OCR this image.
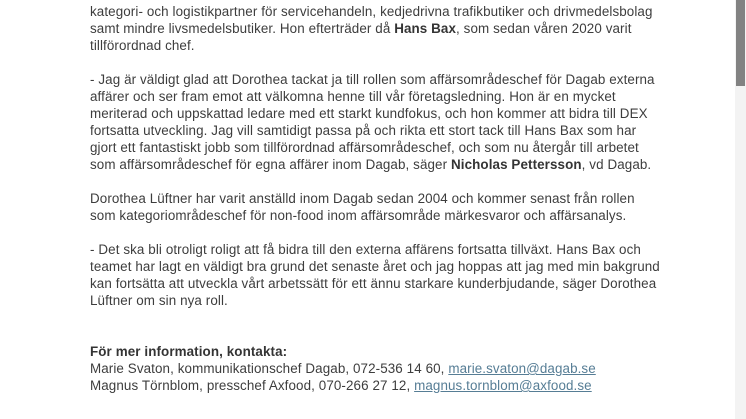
kategori- och logistikpartner för servicehandeln, kedjedrivna trafikbutiker och drivmedelsbolag samt mindre livsmedelsbutiker. Hon efterträder då Hans Bax, som sedan våren 2020 varit tillförordnad chef.

- Jag är väldigt glad att Dorothea tackat ja till rollen som affärsområdeschef för Dagab externa affärer och ser fram emot att välkomna henne till vår företagsledning. Hon är en mycket meriterad och uppskattad ledare med ett starkt kundfokus, och hon kommer att bidra till DEX fortsatta utveckling. Jag vill samtidigt passa på och rikta ett stort tack till Hans Bax som har gjort ett fantastiskt jobb som tillförordnad affärsområdeschef, och som nu återgår till arbetet som affärsområdeschef för egna affärer inom Dagab, säger Nicholas Pettersson, vd Dagab.

Dorothea Lüftner har varit anställd inom Dagab sedan 2004 och kommer senast från rollen som kategoriområdeschef för non-food inom affärsområde märkesvaror och affärsanalys.

- Det ska bli otroligt roligt att få bidra till den externa affärens fortsatta tillväxt. Hans Bax och teamet har lagt en väldigt bra grund det senaste året och jag hoppas att jag med min bakgrund kan fortsätta att utveckla vårt arbetssätt för ett ännu starkare kunderbjudande, säger Dorothea Lüftner om sin nya roll.

För mer information, kontakta:
Marie Svaton, kommunikationschef Dagab, 072-536 14 60, marie.svaton@dagab.se
Magnus Törnblom, presschef Axfood, 070-266 27 12, magnus.tornblom@axfood.se
